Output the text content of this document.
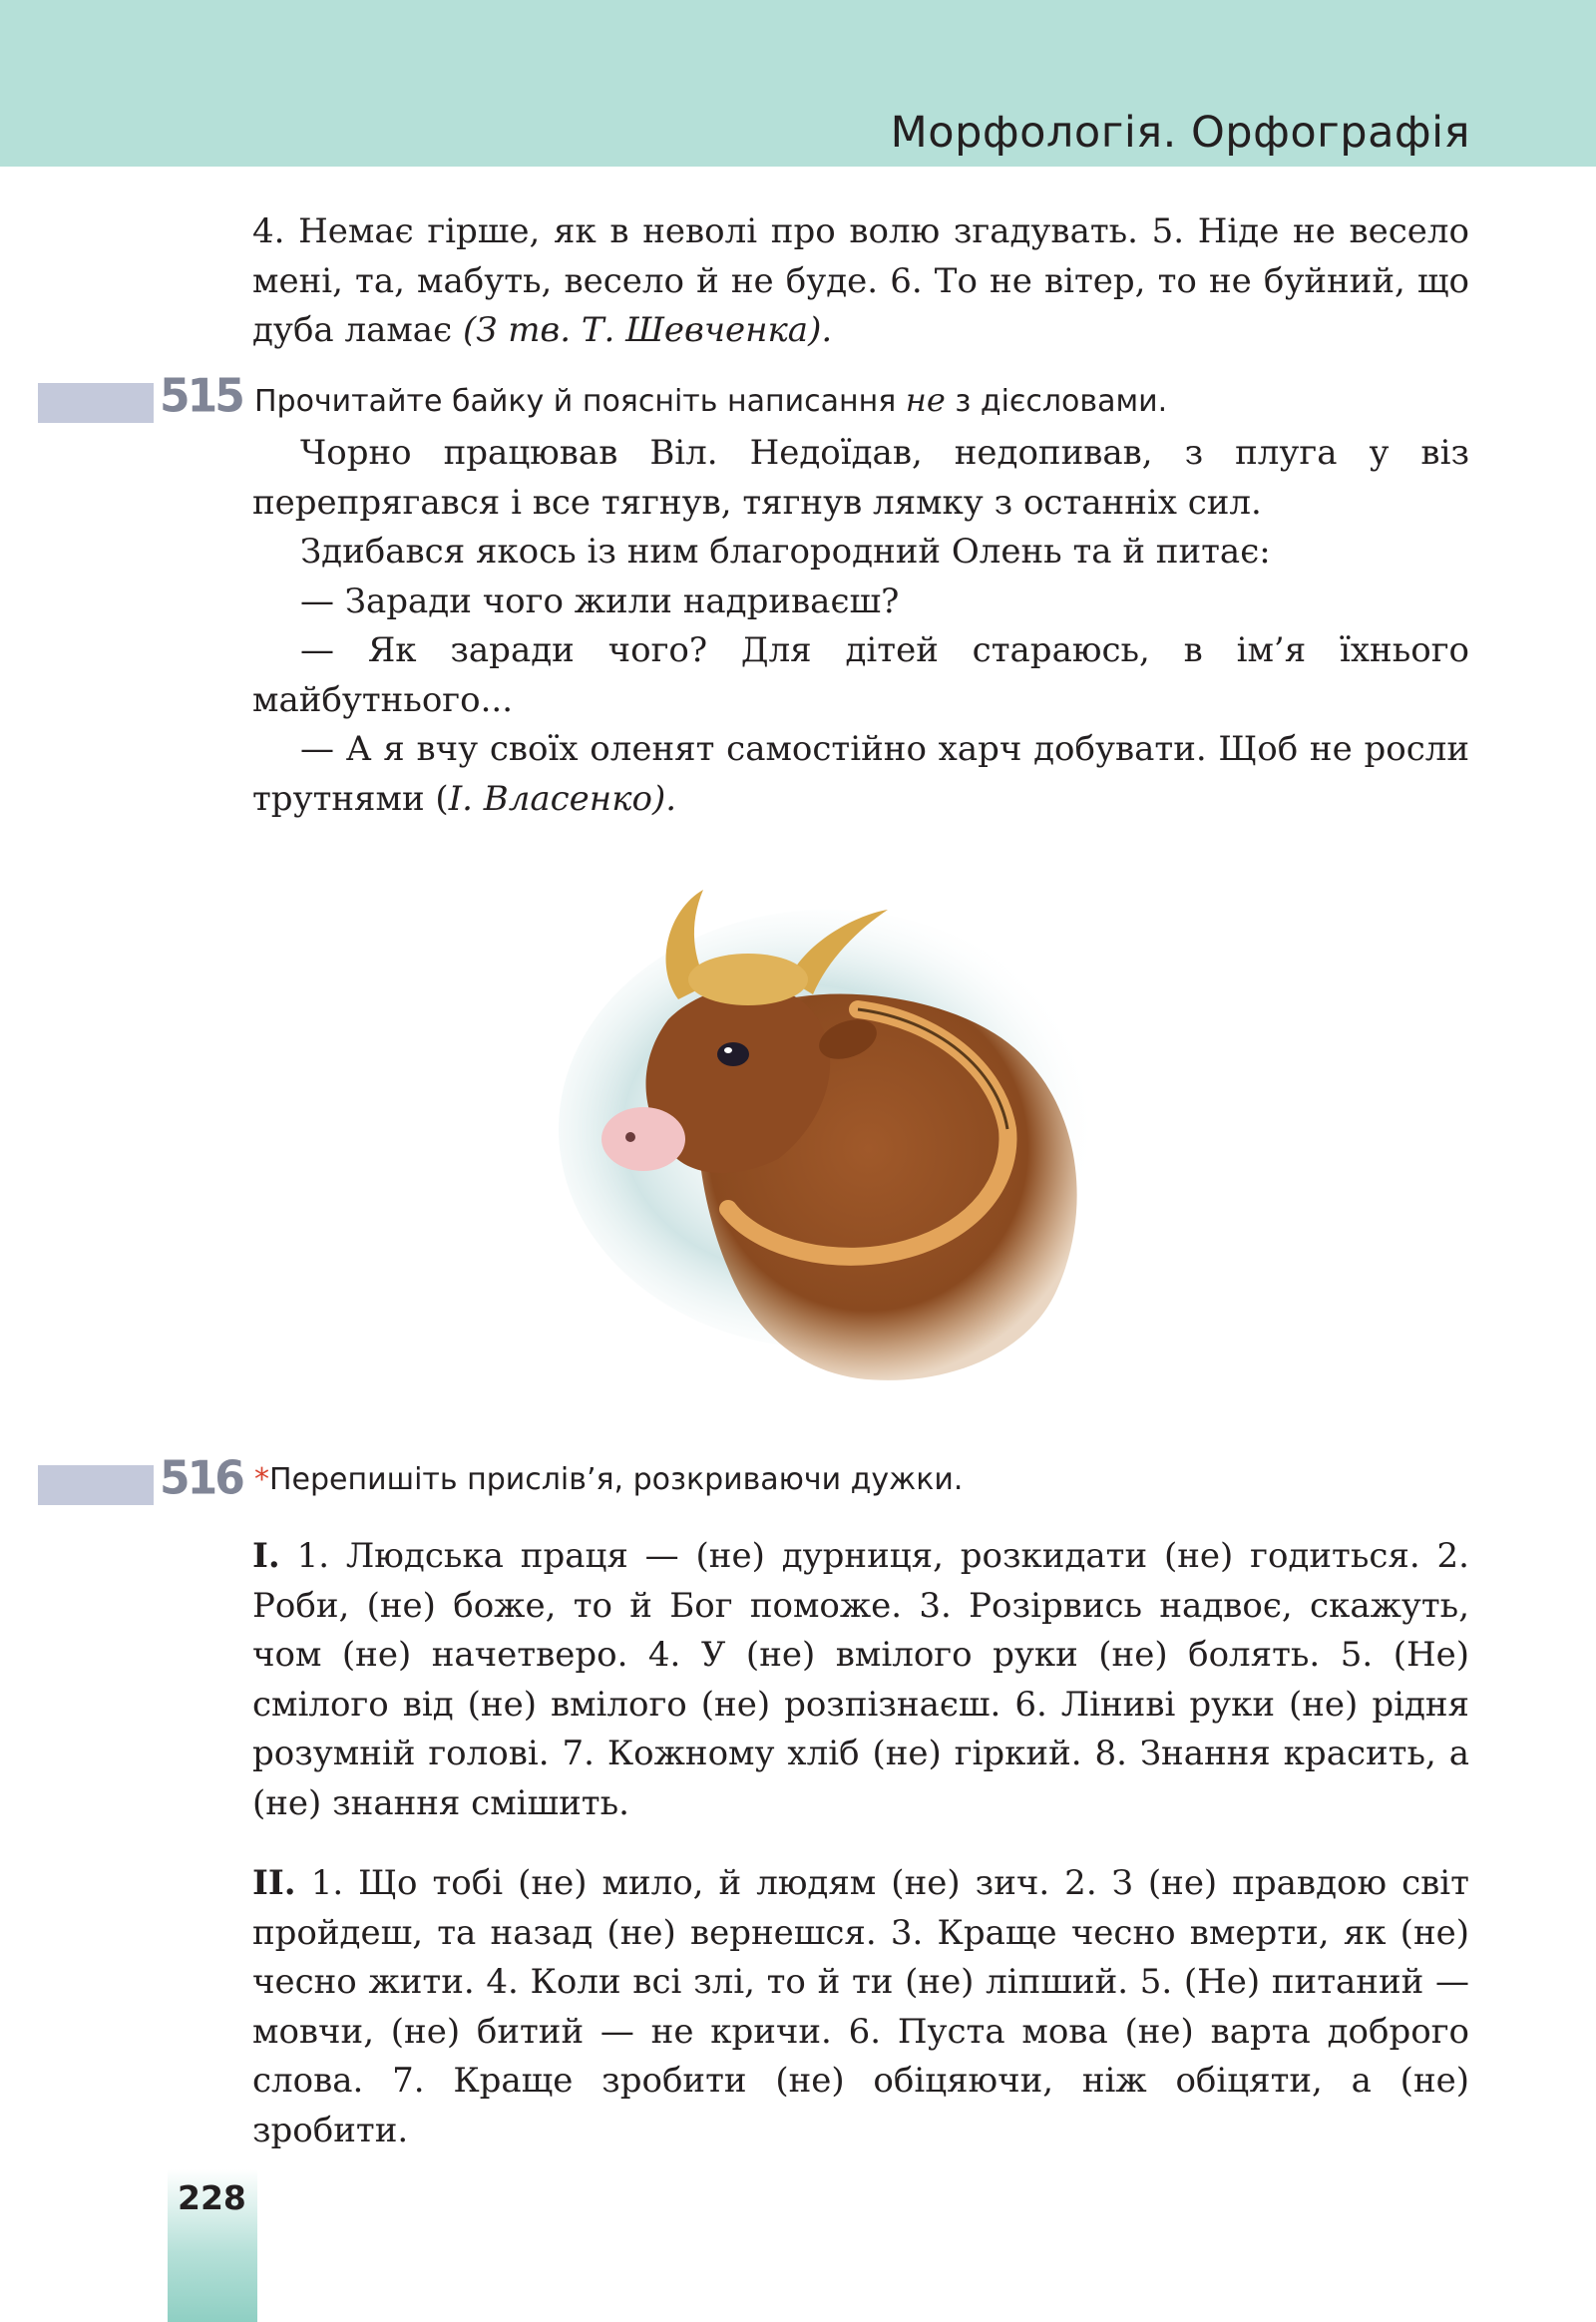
Морфологія. Орфографія

4. Немає гірше, як в неволі про волю згадувать. 5. Ніде не весело мені, та, мабуть, весело й не буде. 6. То не вітер, то не буйний, що дуба ламає (З тв. Т. Шевченка).

515 Прочитайте байку й поясніть написання не з дієсловами.

Чорно працював Віл. Недоїдав, недопивав, з плуга у віз перепрягався і все тягнув, тягнув лямку з останніх сил.

Здибався якось із ним благородний Олень та й питає:

— Заради чого жили надриваєш?

— Як заради чого? Для дітей стараюсь, в ім’я їхнього майбутнього...

— А я вчу своїх оленят самостійно харч добувати. Щоб не росли трутнями (І. Власенко).

516 *Перепишіть прислів’я, розкриваючи дужки.

І. 1. Людська праця — (не) дурниця, розкидати (не) годиться. 2. Роби, (не) боже, то й Бог поможе. 3. Розірвись надвоє, скажуть, чом (не) начетверо. 4. У (не) вмілого руки (не) болять. 5. (Не) смілого від (не) вмілого (не) розпізнаєш. 6. Ліниві руки (не) рідня розумній голові. 7. Кожному хліб (не) гіркий. 8. Знання красить, а (не) знання смішить.

ІІ. 1. Що тобі (не) мило, й людям (не) зич. 2. З (не) правдою світ пройдеш, та назад (не) вернешся. 3. Краще чесно вмерти, як (не) чесно жити. 4. Коли всі злі, то й ти (не) ліпший. 5. (Не) питаний — мовчи, (не) битий — не кричи. 6. Пуста мова (не) варта доброго слова. 7. Краще зробити (не) обіцяючи, ніж обіцяти, а (не) зробити.

228
